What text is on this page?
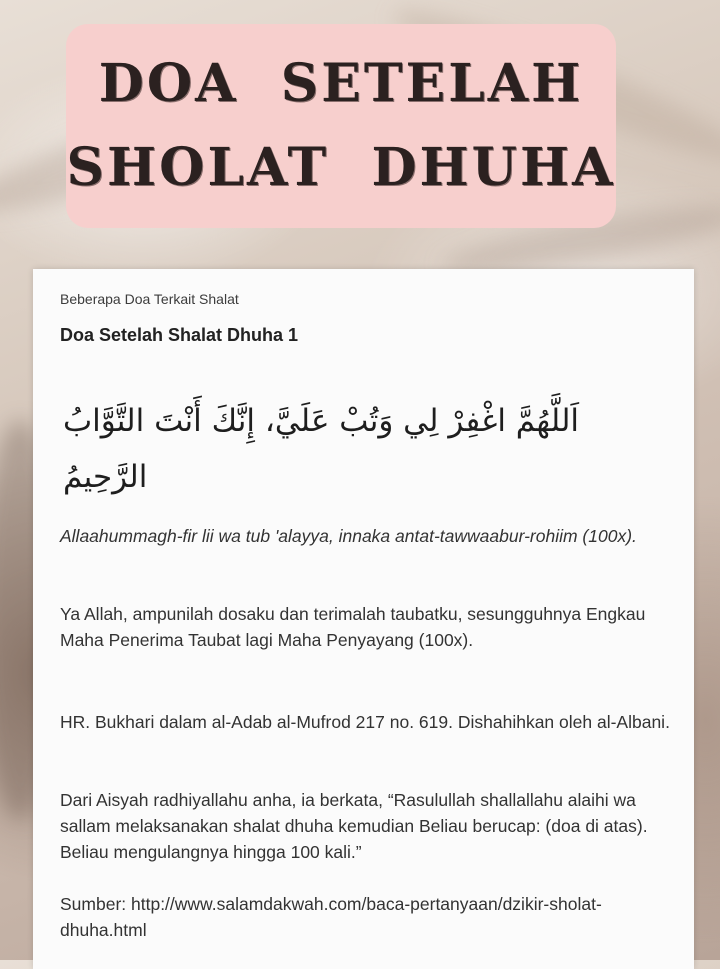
DOA  SETELAH
SHOLAT  DHUHA
Beberapa Doa Terkait Shalat
Doa Setelah Shalat Dhuha 1
اَللَّهُمَّ اغْفِرْ لِي وَتُبْ عَلَيَّ، إِنَّكَ أَنْتَ التَّوَّابُ الرَّحِيمُ
Allaahummagh-fir lii wa tub 'alayya, innaka antat-tawwaabur-rohiim (100x).
Ya Allah, ampunilah dosaku dan terimalah taubatku, sesungguhnya Engkau Maha Penerima Taubat lagi Maha Penyayang (100x).
HR. Bukhari dalam al-Adab al-Mufrod 217 no. 619. Dishahihkan oleh al-Albani.
Dari Aisyah radhiyallahu anha, ia berkata, “Rasulullah shallallahu alaihi wa sallam melaksanakan shalat dhuha kemudian Beliau berucap: (doa di atas). Beliau mengulangnya hingga 100 kali.”
Sumber: http://www.salamdakwah.com/baca-pertanyaan/dzikir-sholat-dhuha.html
